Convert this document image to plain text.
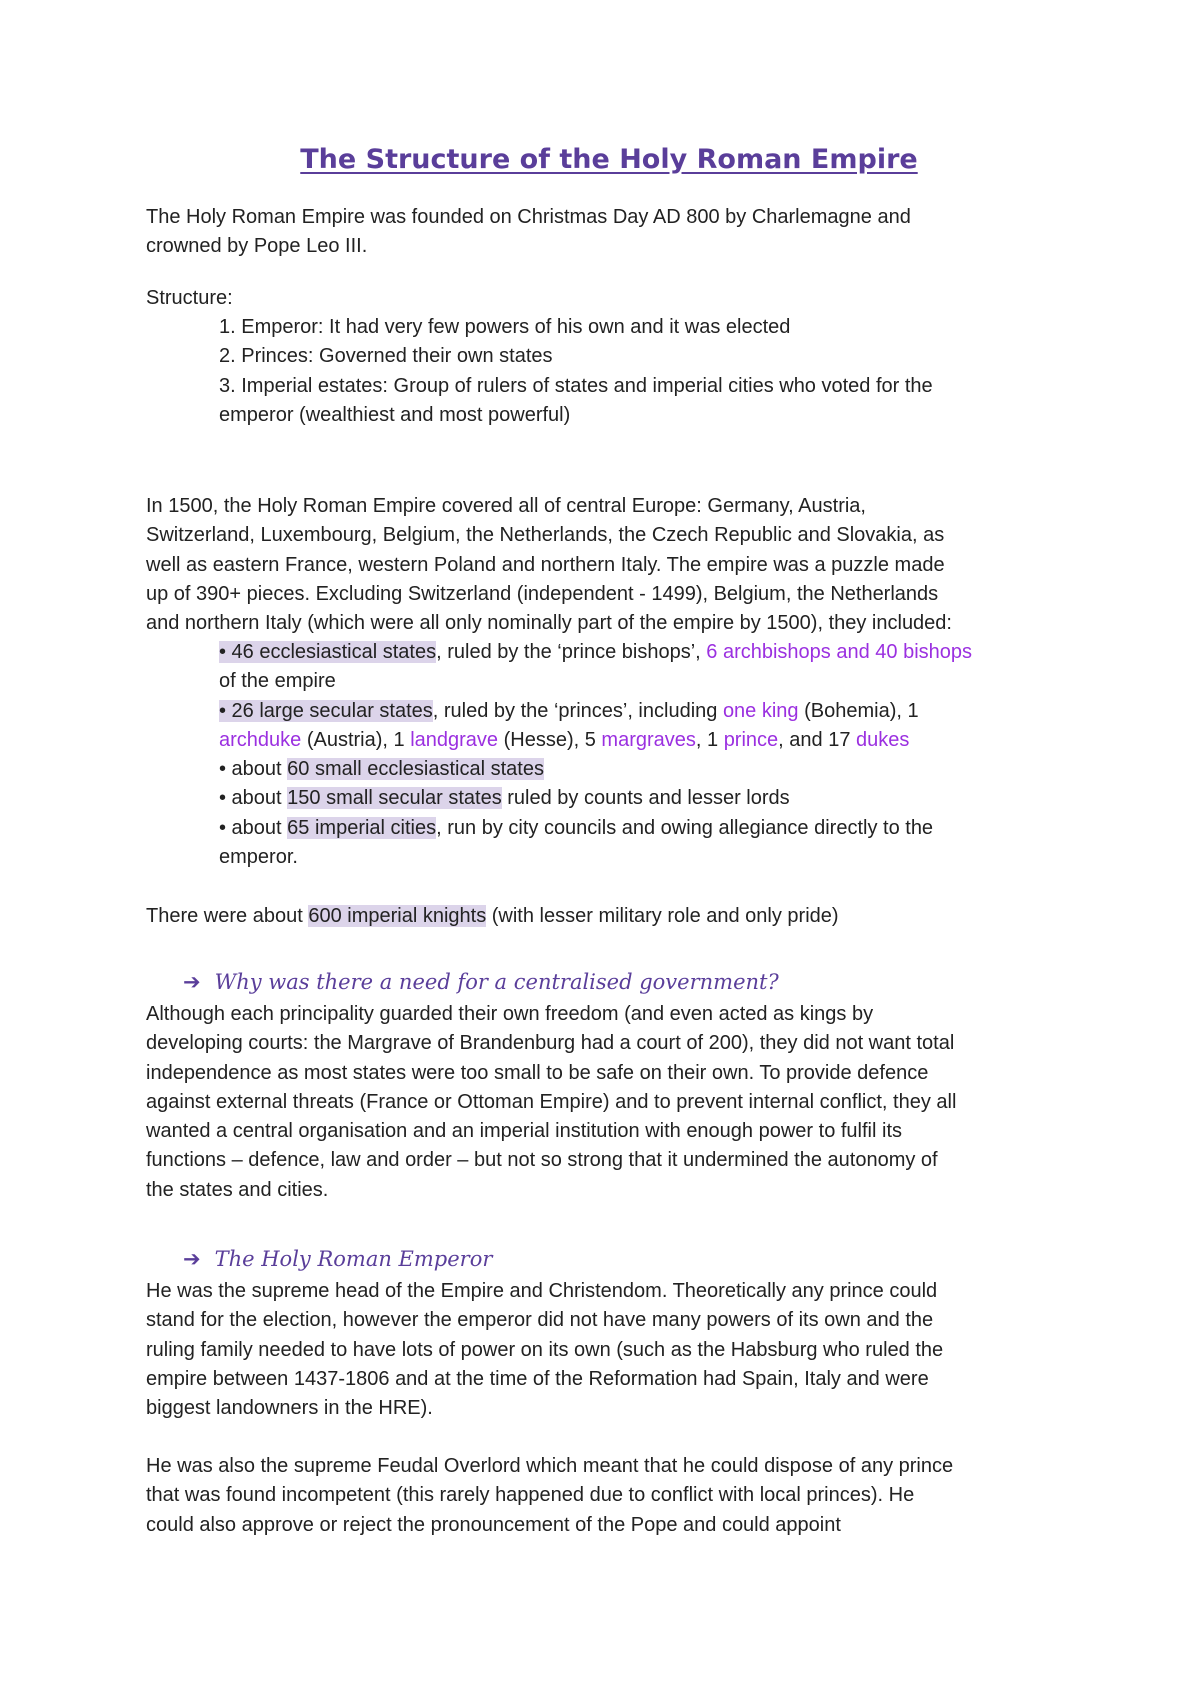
The Structure of the Holy Roman Empire

The Holy Roman Empire was founded on Christmas Day AD 800 by Charlemagne and

crowned by Pope Leo III.

Structure:

1. Emperor: It had very few powers of his own and it was elected

2. Princes: Governed their own states

3. Imperial estates: Group of rulers of states and imperial cities who voted for the

emperor (wealthiest and most powerful)

In 1500, the Holy Roman Empire covered all of central Europe: Germany, Austria,

Switzerland, Luxembourg, Belgium, the Netherlands, the Czech Republic and Slovakia, as

well as eastern France, western Poland and northern Italy. The empire was a puzzle made

up of 390+ pieces. Excluding Switzerland (independent - 1499), Belgium, the Netherlands

and northern Italy (which were all only nominally part of the empire by 1500), they included:

• 46 ecclesiastical states, ruled by the ‘prince bishops’, 6 archbishops and 40 bishops

of the empire

• 26 large secular states, ruled by the ‘princes’, including one king (Bohemia), 1

archduke (Austria), 1 landgrave (Hesse), 5 margraves, 1 prince, and 17 dukes

• about 60 small ecclesiastical states

• about 150 small secular states ruled by counts and lesser lords

• about 65 imperial cities, run by city councils and owing allegiance directly to the

emperor.

There were about 600 imperial knights (with lesser military role and only pride)

➔ Why was there a need for a centralised government?

Although each principality guarded their own freedom (and even acted as kings by

developing courts: the Margrave of Brandenburg had a court of 200), they did not want total

independence as most states were too small to be safe on their own. To provide defence

against external threats (France or Ottoman Empire) and to prevent internal conflict, they all

wanted a central organisation and an imperial institution with enough power to fulfil its

functions – defence, law and order – but not so strong that it undermined the autonomy of

the states and cities.

➔ The Holy Roman Emperor

He was the supreme head of the Empire and Christendom. Theoretically any prince could

stand for the election, however the emperor did not have many powers of its own and the

ruling family needed to have lots of power on its own (such as the Habsburg who ruled the

empire between 1437-1806 and at the time of the Reformation had Spain, Italy and were

biggest landowners in the HRE).

He was also the supreme Feudal Overlord which meant that he could dispose of any prince

that was found incompetent (this rarely happened due to conflict with local princes). He

could also approve or reject the pronouncement of the Pope and could appoint
